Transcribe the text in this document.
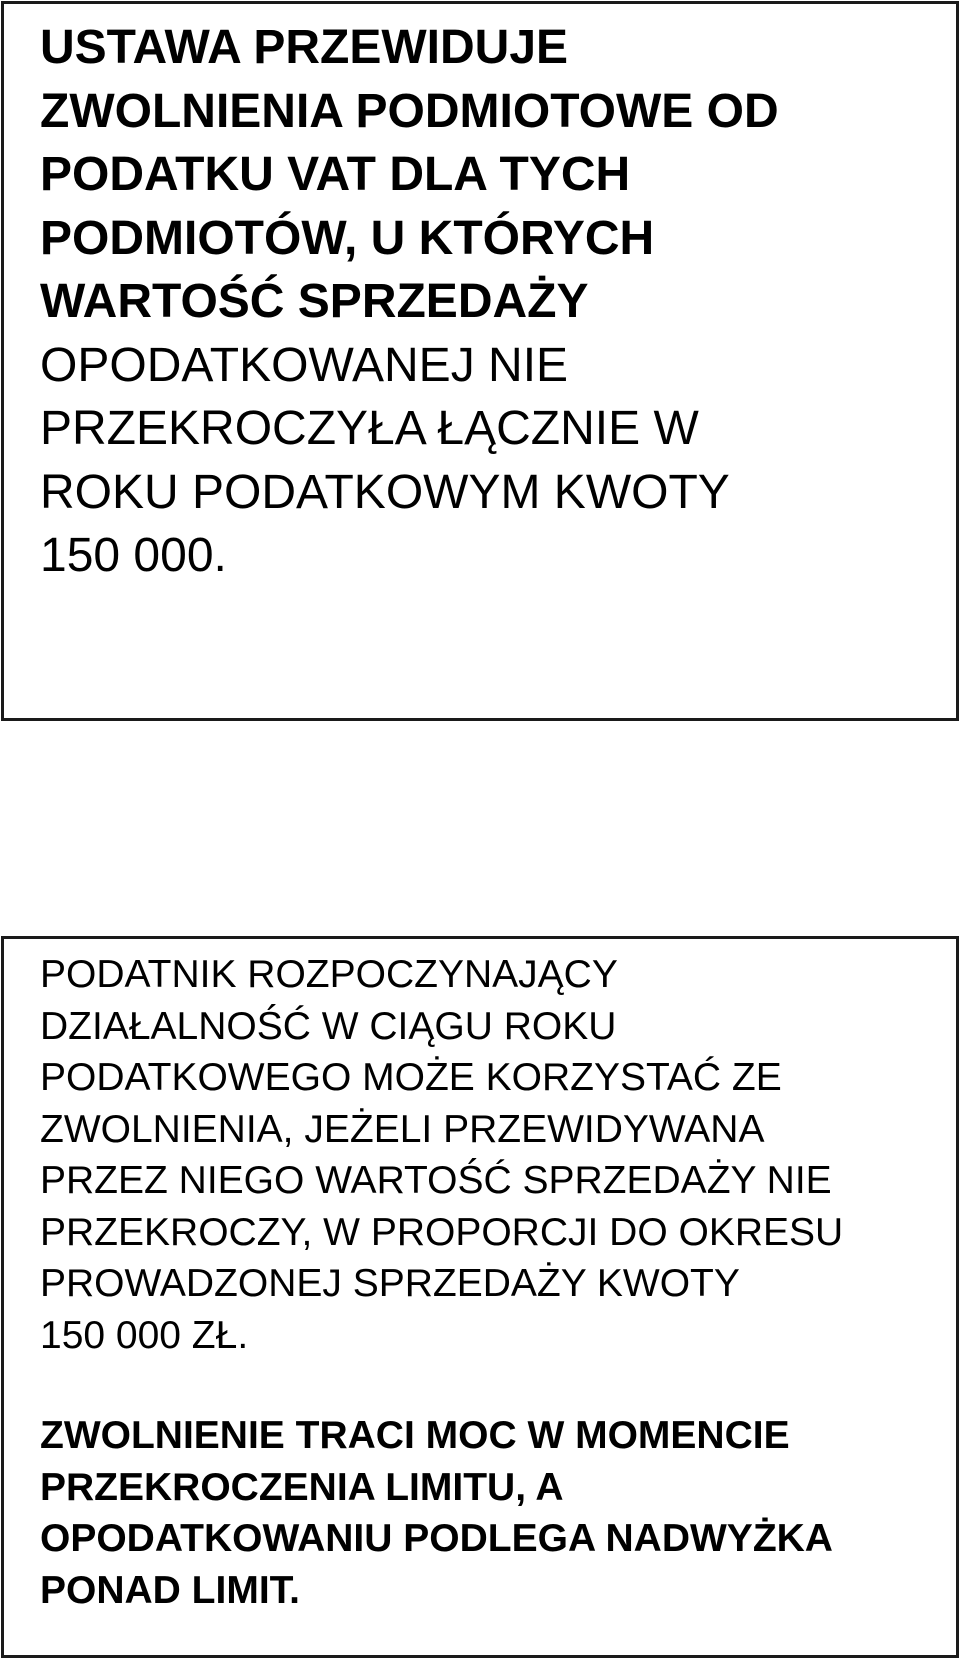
USTAWA PRZEWIDUJE
ZWOLNIENIA PODMIOTOWE OD
PODATKU VAT DLA TYCH
PODMIOTÓW, U KTÓRYCH
WARTOŚĆ SPRZEDAŻY
OPODATKOWANEJ NIE
PRZEKROCZYŁA ŁĄCZNIE W
ROKU PODATKOWYM KWOTY
150 000.
PODATNIK ROZPOCZYNAJĄCY
DZIAŁALNOŚĆ W CIĄGU ROKU
PODATKOWEGO MOŻE KORZYSTAĆ ZE
ZWOLNIENIA, JEŻELI PRZEWIDYWANA
PRZEZ NIEGO WARTOŚĆ SPRZEDAŻY NIE
PRZEKROCZY, W PROPORCJI DO OKRESU
PROWADZONEJ SPRZEDAŻY KWOTY
150 000 ZŁ.
ZWOLNIENIE TRACI MOC W MOMENCIE
PRZEKROCZENIA LIMITU, A
OPODATKOWANIU PODLEGA NADWYŻKA
PONAD LIMIT.
